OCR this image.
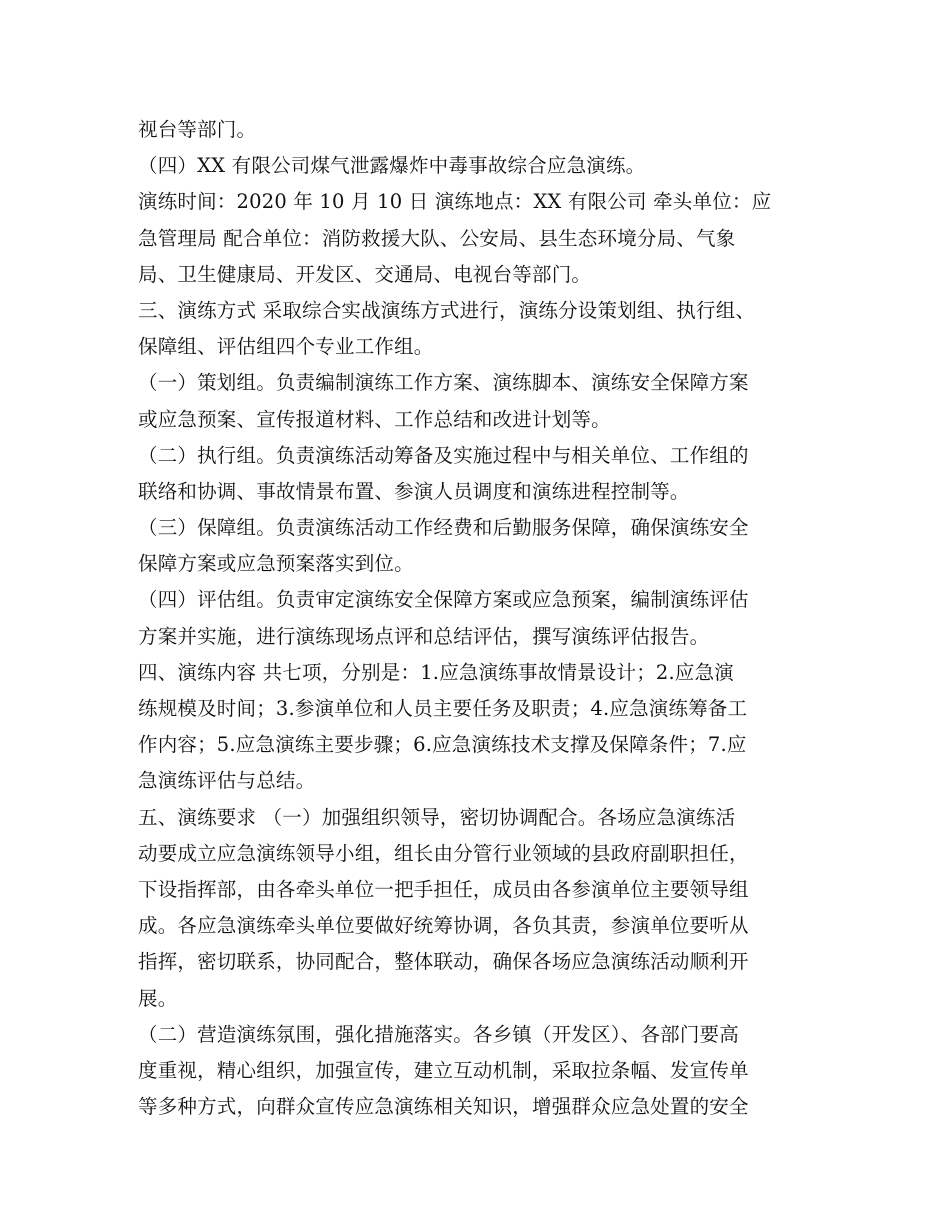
视台等部门。
（四）XX 有限公司煤气泄露爆炸中毒事故综合应急演练。
演练时间：2020 年 10 月 10 日 演练地点：XX 有限公司 牵头单位：应
急管理局 配合单位：消防救援大队、公安局、县生态环境分局、气象
局、卫生健康局、开发区、交通局、电视台等部门。
三、演练方式 采取综合实战演练方式进行，演练分设策划组、执行组、
保障组、评估组四个专业工作组。
（一）策划组。负责编制演练工作方案、演练脚本、演练安全保障方案
或应急预案、宣传报道材料、工作总结和改进计划等。
（二）执行组。负责演练活动筹备及实施过程中与相关单位、工作组的
联络和协调、事故情景布置、参演人员调度和演练进程控制等。
（三）保障组。负责演练活动工作经费和后勤服务保障，确保演练安全
保障方案或应急预案落实到位。
（四）评估组。负责审定演练安全保障方案或应急预案，编制演练评估
方案并实施，进行演练现场点评和总结评估，撰写演练评估报告。
四、演练内容 共七项，分别是：1.应急演练事故情景设计；2.应急演
练规模及时间；3.参演单位和人员主要任务及职责；4.应急演练筹备工
作内容；5.应急演练主要步骤；6.应急演练技术支撑及保障条件；7.应
急演练评估与总结。
五、演练要求 （一）加强组织领导，密切协调配合。各场应急演练活
动要成立应急演练领导小组，组长由分管行业领域的县政府副职担任，
下设指挥部，由各牵头单位一把手担任，成员由各参演单位主要领导组
成。各应急演练牵头单位要做好统筹协调，各负其责，参演单位要听从
指挥，密切联系，协同配合，整体联动，确保各场应急演练活动顺利开
展。
（二）营造演练氛围，强化措施落实。各乡镇（开发区）、各部门要高
度重视，精心组织，加强宣传，建立互动机制，采取拉条幅、发宣传单
等多种方式，向群众宣传应急演练相关知识，增强群众应急处置的安全
